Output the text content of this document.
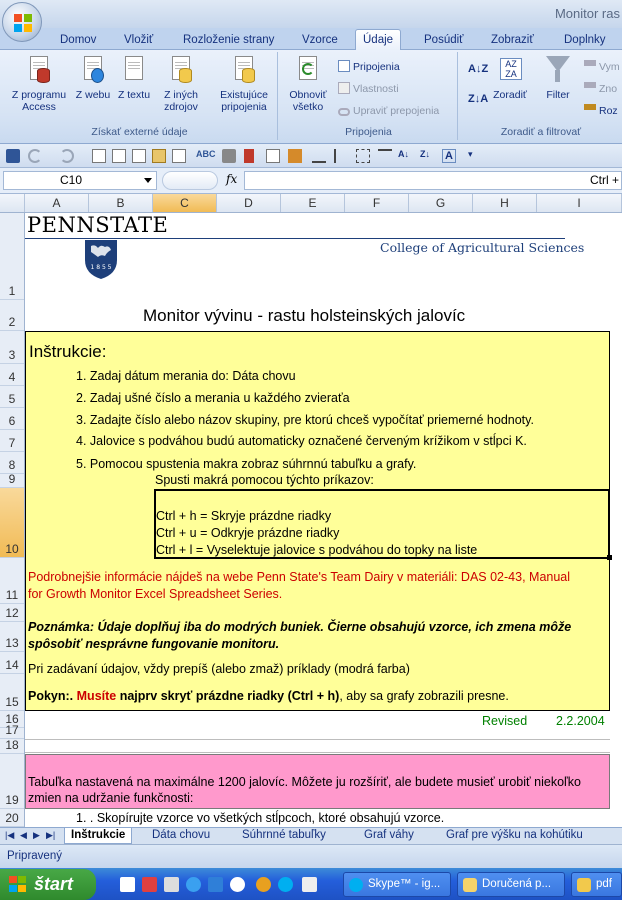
Monitor ras
Domov Vložiť	Rozloženie strany Vzorce	Údaje	Posúdiť Zobraziť	Doplnky
Z programu Access
Z webu Z textu	Z iných zdrojov
Existujúce pripojenia
Získať externé údaje
Obnoviť všetko
Pripojenia
Vlastnosti
Upraviť prepojenia
Pripojenia
A↓Z
Z↓A
AZ
ZA
Zoradiť	Filter
Vym
Zno
Roz
Zoradiť a filtrovať
ABC	A↓	Z↓	A	▾
C10	fx	Ctrl +
A	B	C	D	E	F	G	H	I
1
2
3
4
5
6
7
8
9
10
11
12
13
14
15
16
17
18
19
20
PENNSTATE
College of Agricultural Sciences
1 8 5 5
Monitor vývinu - rastu holsteinských jalovíc
Inštrukcie:
1. Zadaj dátum merania do: Dáta chovu
2. Zadaj ušné číslo a merania u každého zvieraťa
3. Zadajte číslo alebo názov skupiny, pre ktorú chceš vypočítať priemerné hodnoty.
4. Jalovice s podváhou budú automaticky označené červeným krížikom v stĺpci K.
5. Pomocou spustenia makra zobraz súhrnnú tabuľku a grafy.
Spusti makrá pomocou týchto príkazov:
Ctrl + h = Skryje prázdne riadky
Ctrl + u = Odkryje prázdne riadky
Ctrl + l = Vyselektuje jalovice s podváhou do topky na liste
Podrobnejšie informácie nájdeš na webe Penn State's Team Dairy v materiáli: DAS 02-43, Manual
for Growth Monitor Excel Spreadsheet Series.
Poznámka: Údaje doplňuj iba do modrých buniek. Čierne obsahujú vzorce, ich zmena môže
spôsobiť nesprávne fungovanie monitoru.
Pri zadávaní údajov, vždy prepíš (alebo zmaž) príklady (modrá farba)
Pokyn:. Musíte najprv skryť prázdne riadky (Ctrl + h), aby sa grafy zobrazili presne.
Revised 2.2.2004
Tabuľka nastavená na maximálne 1200 jalovíc. Môžete ju rozšíriť, ale budete musieť urobiť niekoľko
zmien na udržanie funkčnosti:
1. . Skopírujte vzorce vo všetkých stĺpcoch, ktoré obsahujú vzorce.
|◀ ◀ ▶ ▶|	Inštrukcie	Dáta chovu	Súhrnné tabuľky	Graf váhy	Graf pre výšku na kohútiku
Pripravený
štart	Skype™ - ig...	Doručená p...	pdf
